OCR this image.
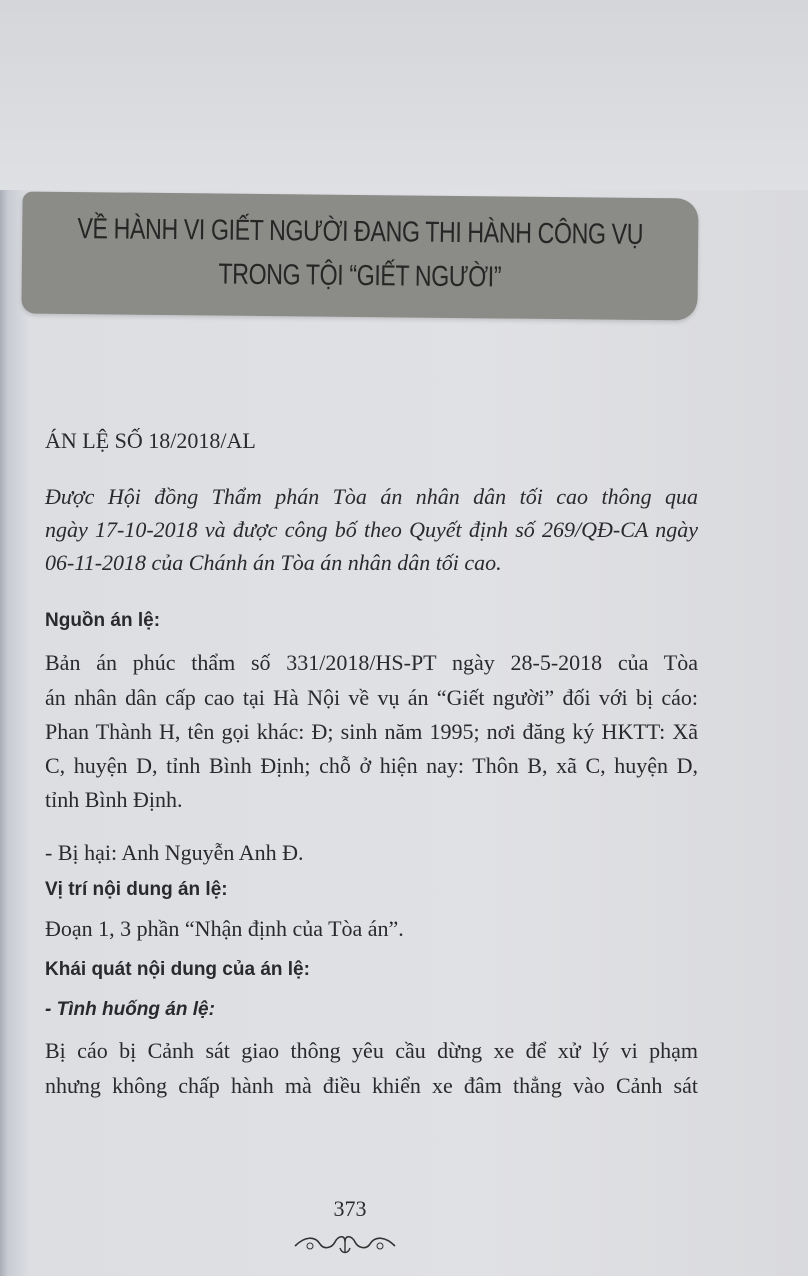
VỀ HÀNH VI GIẾT NGƯỜI ĐANG THI HÀNH CÔNG VỤ
TRONG TỘI “GIẾT NGƯỜI”
ÁN LỆ SỐ 18/2018/AL
Được Hội đồng Thẩm phán Tòa án nhân dân tối cao thông qua
ngày 17-10-2018 và được công bố theo Quyết định số 269/QĐ-CA ngày
06-11-2018 của Chánh án Tòa án nhân dân tối cao.
Nguồn án lệ:
Bản án phúc thẩm số 331/2018/HS-PT ngày 28-5-2018 của Tòa
án nhân dân cấp cao tại Hà Nội về vụ án “Giết người” đối với bị cáo:
Phan Thành H, tên gọi khác: Đ; sinh năm 1995; nơi đăng ký HKTT: Xã
C, huyện D, tỉnh Bình Định; chỗ ở hiện nay: Thôn B, xã C, huyện D,
tỉnh Bình Định.
- Bị hại: Anh Nguyễn Anh Đ.
Vị trí nội dung án lệ:
Đoạn 1, 3 phần “Nhận định của Tòa án”.
Khái quát nội dung của án lệ:
- Tình huống án lệ:
Bị cáo bị Cảnh sát giao thông yêu cầu dừng xe để xử lý vi phạm
nhưng không chấp hành mà điều khiển xe đâm thẳng vào Cảnh sát
373
